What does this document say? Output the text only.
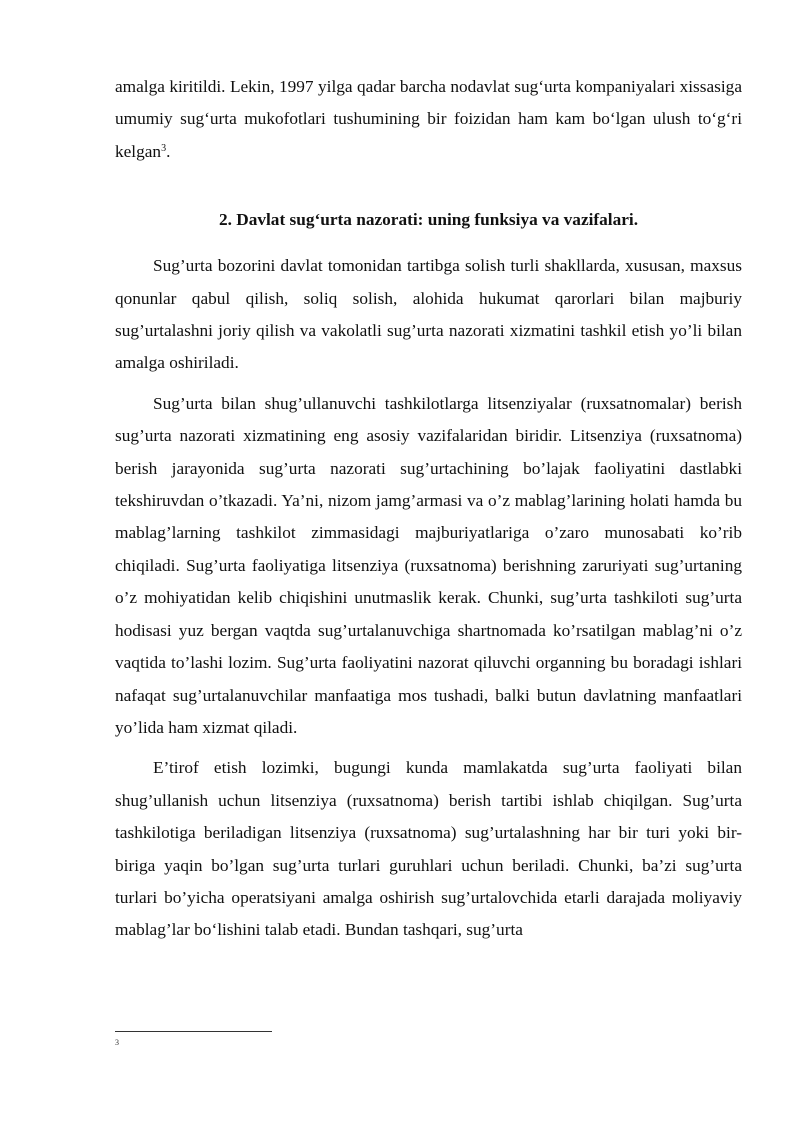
amalga kiritildi. Lekin, 1997 yilga qadar barcha nodavlat sug‘urta kompaniyalari xissasiga umumiy sug‘urta mukofotlari tushumining bir foizidan ham kam bo‘lgan ulush to‘g‘ri kelgan$^3$.

2. Davlat sug‘urta nazorati: uning funksiya va vazifalari.

Sug’urta bozorini davlat tomonidan tartibga solish turli shakllarda, xususan, maxsus qonunlar qabul qilish, soliq solish, alohida hukumat qarorlari bilan majburiy sug’urtalashni joriy qilish va vakolatli sug’urta nazorati xizmatini tashkil etish yo’li bilan amalga oshiriladi.

Sug’urta bilan shug’ullanuvchi tashkilotlarga litsenziyalar (ruxsatnomalar) berish sug’urta nazorati xizmatining eng asosiy vazifalaridan biridir. Litsenziya (ruxsatnoma) berish jarayonida sug’urta nazorati sug’urtachining bo’lajak faoliyatini dastlabki tekshiruvdan o’tkazadi. Ya’ni, nizom jamg’armasi va o’z mablag’larining holati hamda bu mablag’larning tashkilot zimmasidagi majburiyatlariga o’zaro munosabati ko’rib chiqiladi. Sug’urta faoliyatiga litsenziya (ruxsatnoma) berishning zaruriyati sug’urtaning o’z mohiyatidan kelib chiqishini unutmaslik kerak. Chunki, sug’urta tashkiloti sug’urta hodisasi yuz bergan vaqtda sug’urtalanuvchiga shartnomada ko’rsatilgan mablag’ni o’z vaqtida to’lashi lozim. Sug’urta faoliyatini nazorat qiluvchi organning bu boradagi ishlari nafaqat sug’urtalanuvchilar manfaatiga mos tushadi, balki butun davlatning manfaatlari yo’lida ham xizmat qiladi.

E’tirof etish lozimki, bugungi kunda mamlakatda sug’urta faoliyati bilan shug’ullanish uchun litsenziya (ruxsatnoma) berish tartibi ishlab chiqilgan. Sug’urta tashkilotiga beriladigan litsenziya (ruxsatnoma) sug’urtalashning har bir turi yoki bir-biriga yaqin bo’lgan sug’urta turlari guruhlari uchun beriladi. Chunki, ba’zi sug’urta turlari bo’yicha operatsiyani amalga oshirish sug’urtalovchida etarli darajada moliyaviy mablag’lar bo‘lishini talab etadi. Bundan tashqari, sug’urta

3
